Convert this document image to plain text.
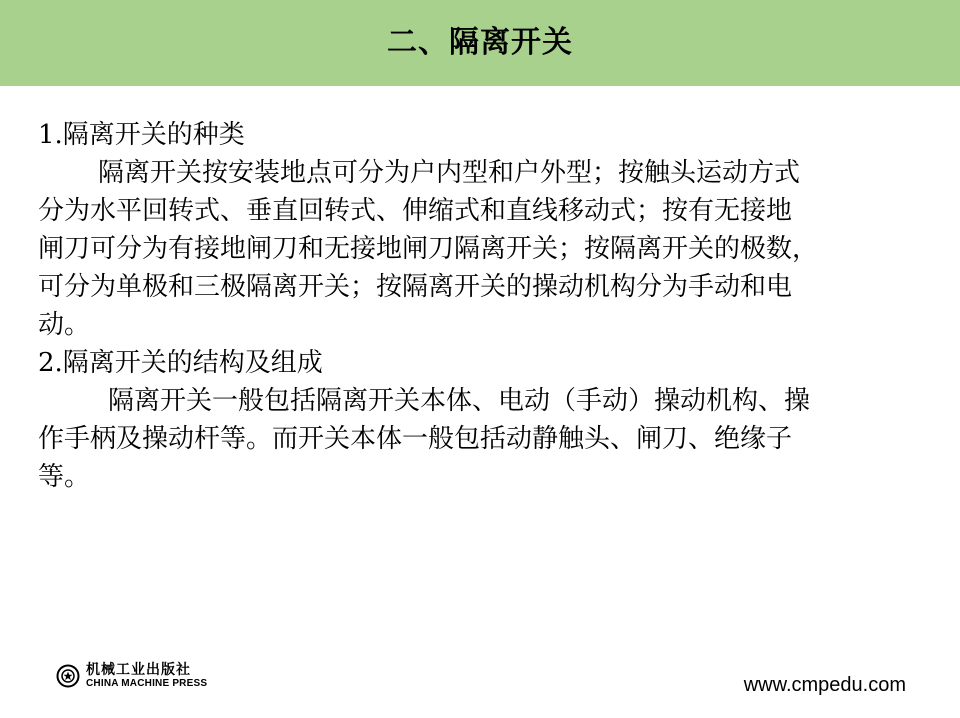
二、隔离开关

1.隔离开关的种类

隔离开关按安装地点可分为户内型和户外型；按触头运动方式

分为水平回转式、垂直回转式、伸缩式和直线移动式；按有无接地

闸刀可分为有接地闸刀和无接地闸刀隔离开关；按隔离开关的极数，

可分为单极和三极隔离开关；按隔离开关的操动机构分为手动和电

动。

2.隔离开关的结构及组成

隔离开关一般包括隔离开关本体、电动（手动）操动机构、操

作手柄及操动杆等。而开关本体一般包括动静触头、闸刀、绝缘子

等。

机械工业出版社
CHINA MACHINE PRESS	www.cmpedu.com
